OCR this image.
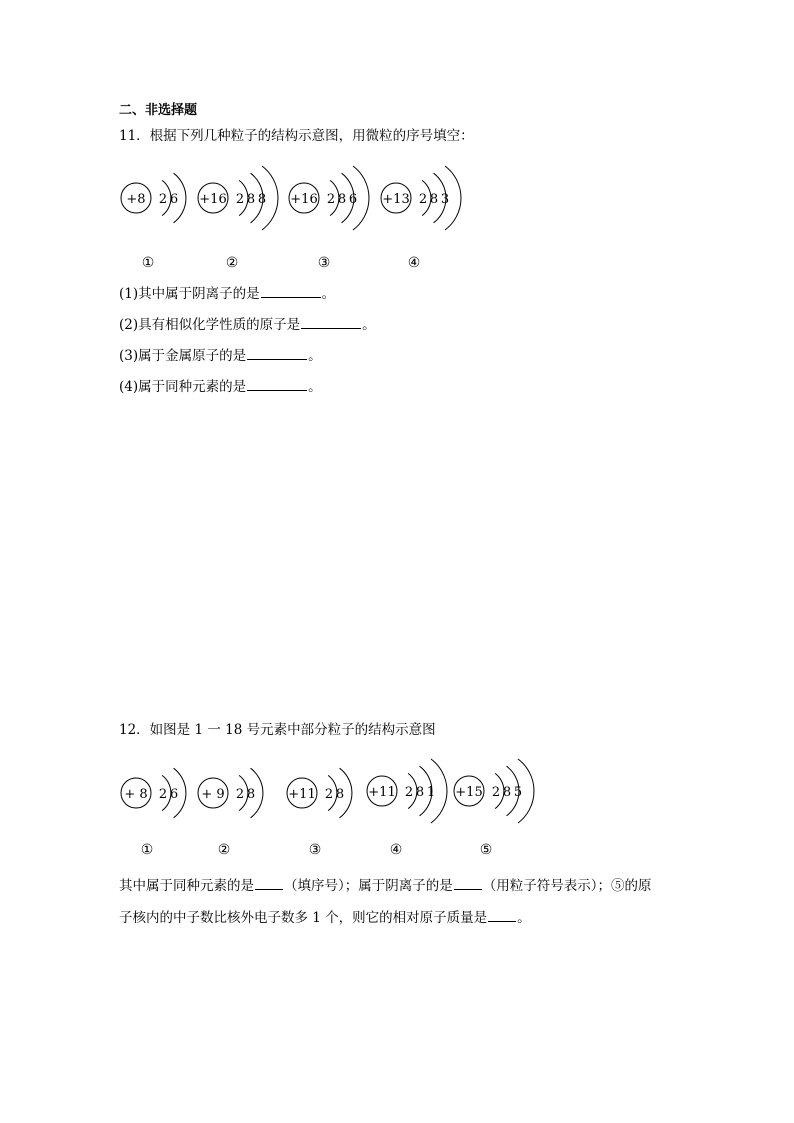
二、非选择题
11．根据下列几种粒子的结构示意图，用微粒的序号填空：
+8 2 6
①
+16 2 8 8
②
+16 2 8 6
③
+13 2 8 3
④
(1)其中属于阴离子的是	。
(2)具有相似化学性质的原子是	。
(3)属于金属原子的是	。
(4)属于同种元素的是	。
12．如图是 1 一 18 号元素中部分粒子的结构示意图
+ 8 2 6
①
+ 9 2 8
②
+11 2 8
③
+11 2 8 1
④
+15 2 8 5
⑤
其中属于同种元素的是 （填序号）；属于阴离子的是 （用粒子符号表示）；⑤的原
子核内的中子数比核外电子数多 1 个，则它的相对原子质量是 。
